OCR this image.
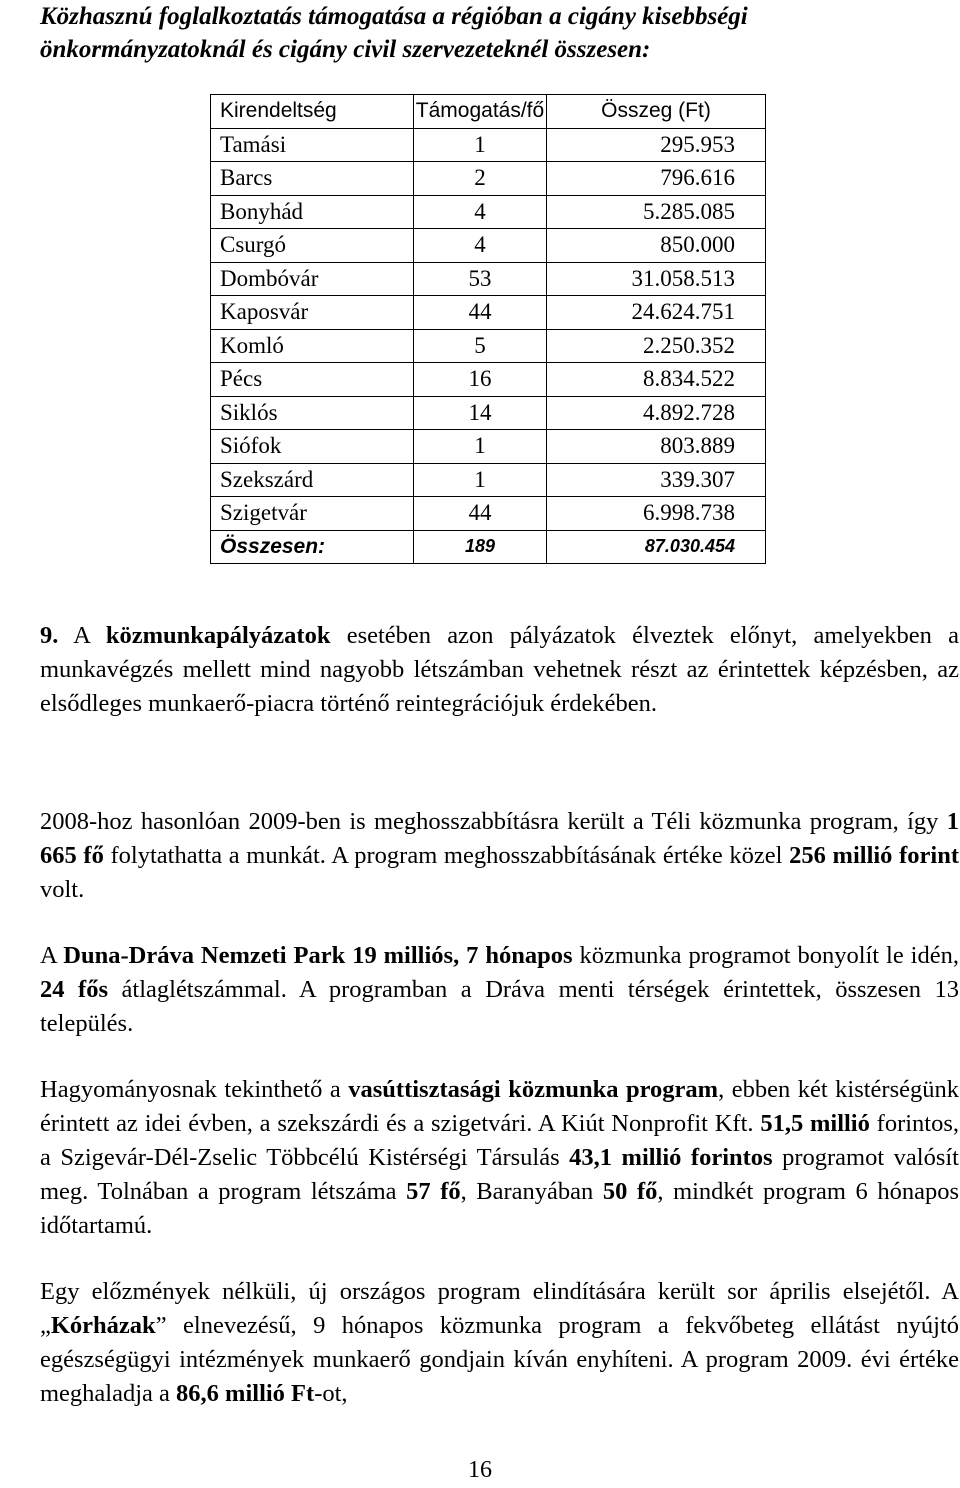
Közhasznú foglalkoztatás támogatása a régióban a cigány kisebbségi önkormányzatoknál és cigány civil szervezeteknél összesen:
Kirendeltség	Támogatás/fő	Összeg (Ft)
Tamási	1	295.953
Barcs	2	796.616
Bonyhád	4	5.285.085
Csurgó	4	850.000
Dombóvár	53	31.058.513
Kaposvár	44	24.624.751
Komló	5	2.250.352
Pécs	16	8.834.522
Siklós	14	4.892.728
Siófok	1	803.889
Szekszárd	1	339.307
Szigetvár	44	6.998.738
Összesen:	189	87.030.454

9. A közmunkapályázatok esetében azon pályázatok élveztek előnyt, amelyekben a munkavégzés mellett mind nagyobb létszámban vehetnek részt az érintettek képzésben, az elsődleges munkaerő-piacra történő reintegrációjuk érdekében.

2008-hoz hasonlóan 2009-ben is meghosszabbításra került a Téli közmunka program, így 1 665 fő folytathatta a munkát. A program meghosszabbításának értéke közel 256 millió forint volt.

A Duna-Dráva Nemzeti Park 19 milliós, 7 hónapos közmunka programot bonyolít le idén, 24 fős átlaglétszámmal. A programban a Dráva menti térségek érintettek, összesen 13 település.

Hagyományosnak tekinthető a vasúttisztasági közmunka program, ebben két kistérségünk érintett az idei évben, a szekszárdi és a szigetvári. A Kiút Nonprofit Kft. 51,5 millió forintos, a Szigevár-Dél-Zselic Többcélú Kistérségi Társulás 43,1 millió forintos programot valósít meg. Tolnában a program létszáma 57 fő, Baranyában 50 fő, mindkét program 6 hónapos időtartamú.

Egy előzmények nélküli, új országos program elindítására került sor április elsejétől. A „Kórházak” elnevezésű, 9 hónapos közmunka program a fekvőbeteg ellátást nyújtó egészségügyi intézmények munkaerő gondjain kíván enyhíteni. A program 2009. évi értéke meghaladja a 86,6 millió Ft-ot,

16
